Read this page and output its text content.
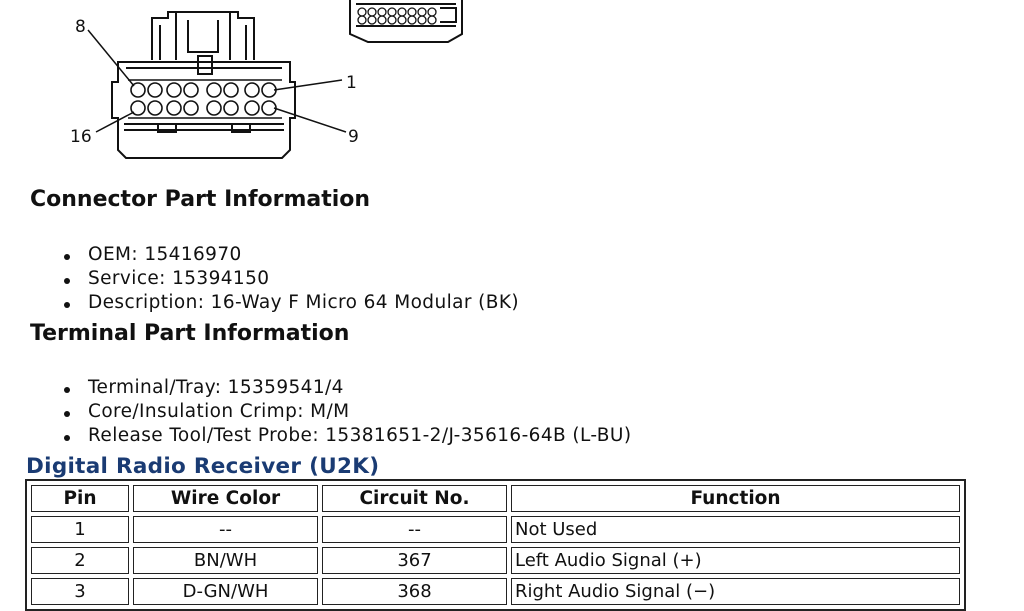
8
1
16	9
Connector Part Information
OEM: 15416970
Service: 15394150
Description: 16-Way F Micro 64 Modular (BK)
Terminal Part Information
Terminal/Tray: 15359541/4
Core/Insulation Crimp: M/M
Release Tool/Test Probe: 15381651-2/J-35616-64B (L-BU)
Digital Radio Receiver (U2K)
Pin	Wire Color	Circuit No.	Function
1	--	--	Not Used
2	BN/WH	367	Left Audio Signal (+)
3	D-GN/WH	368	Right Audio Signal (−)
